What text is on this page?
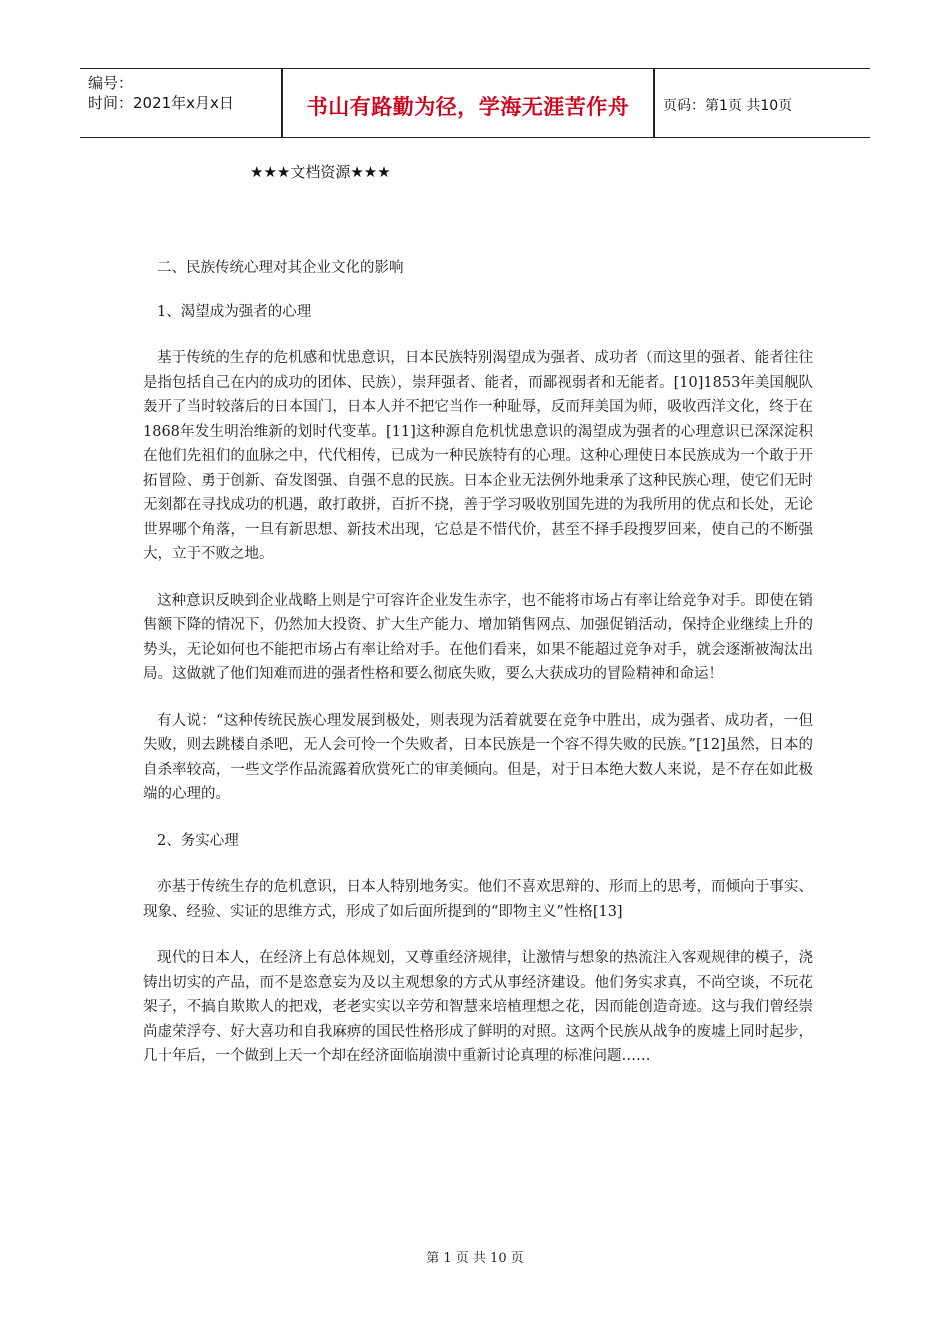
编号：
时间：2021年x月x日	书山有路勤为径，学海无涯苦作舟	页码：第1页 共10页
★★★文档资源★★★

二、民族传统心理对其企业文化的影响

1、渴望成为强者的心理

基于传统的生存的危机感和忧患意识，日本民族特别渴望成为强者、成功者（而这里的强者、能者往往是指包括自己在内的成功的团体、民族），崇拜强者、能者，而鄙视弱者和无能者。[10]1853年美国舰队轰开了当时较落后的日本国门，日本人并不把它当作一种耻辱，反而拜美国为师，吸收西洋文化，终于在1868年发生明治维新的划时代变革。[11]这种源自危机忧患意识的渴望成为强者的心理意识已深深淀积在他们先祖们的血脉之中，代代相传，已成为一种民族特有的心理。这种心理使日本民族成为一个敢于开拓冒险、勇于创新、奋发图强、自强不息的民族。日本企业无法例外地秉承了这种民族心理，使它们无时无刻都在寻找成功的机遇，敢打敢拼，百折不挠，善于学习吸收别国先进的为我所用的优点和长处，无论世界哪个角落，一旦有新思想、新技术出现，它总是不惜代价，甚至不择手段搜罗回来，使自己的不断强大，立于不败之地。

这种意识反映到企业战略上则是宁可容许企业发生赤字，也不能将市场占有率让给竞争对手。即使在销售额下降的情况下，仍然加大投资、扩大生产能力、增加销售网点、加强促销活动，保持企业继续上升的势头，无论如何也不能把市场占有率让给对手。在他们看来，如果不能超过竞争对手，就会逐渐被淘汰出局。这做就了他们知难而进的强者性格和要么彻底失败，要么大获成功的冒险精神和命运！

有人说：“这种传统民族心理发展到极处，则表现为活着就要在竞争中胜出，成为强者、成功者，一但失败，则去跳楼自杀吧，无人会可怜一个失败者，日本民族是一个容不得失败的民族。”[12]虽然，日本的自杀率较高，一些文学作品流露着欣赏死亡的审美倾向。但是，对于日本绝大数人来说，是不存在如此极端的心理的。

2、务实心理

亦基于传统生存的危机意识，日本人特别地务实。他们不喜欢思辩的、形而上的思考，而倾向于事实、现象、经验、实证的思维方式，形成了如后面所提到的“即物主义”性格[13]

现代的日本人，在经济上有总体规划，又尊重经济规律，让激情与想象的热流注入客观规律的模子，浇铸出切实的产品，而不是恣意妄为及以主观想象的方式从事经济建设。他们务实求真，不尚空谈，不玩花架子，不搞自欺欺人的把戏，老老实实以辛劳和智慧来培植理想之花，因而能创造奇迹。这与我们曾经崇尚虚荣浮夸、好大喜功和自我麻痹的国民性格形成了鲜明的对照。这两个民族从战争的废墟上同时起步，几十年后，一个做到上天一个却在经济面临崩溃中重新讨论真理的标准问题……

第 1 页 共 10 页
